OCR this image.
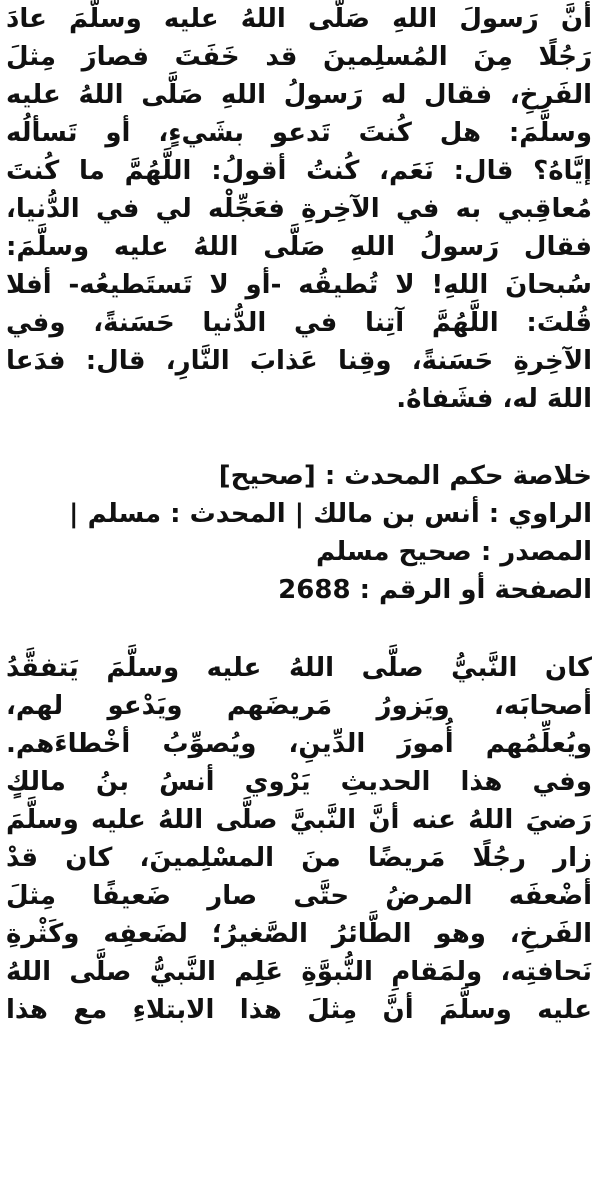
أنَّ رَسولَ اللهِ صَلَّى اللهُ عليه وسلَّمَ عادَ

رَجُلًا مِنَ المُسلِمينَ قد خَفَتَ فصارَ مِثلَ

الفَرخِ، فقال له رَسولُ اللهِ صَلَّى اللهُ عليه

وسلَّمَ: هل كُنتَ تَدعو بشَيءٍ، أو تَسألُه

إيَّاهُ؟ قال: نَعَم، كُنتُ أقولُ: اللَّهُمَّ ما كُنتَ

مُعاقِبي به في الآخِرةِ فعَجِّلْه لي في الدُّنيا،

فقال رَسولُ اللهِ صَلَّى اللهُ عليه وسلَّمَ:

سُبحانَ اللهِ! لا تُطيقُه -أو لا تَستَطيعُه- أفلا

قُلتَ: اللَّهُمَّ آتِنا في الدُّنيا حَسَنةً، وفي

الآخِرةِ حَسَنةً، وقِنا عَذابَ النَّارِ، قال: فدَعا

اللهَ له، فشَفاهُ.

خلاصة حكم المحدث : [صحيح]

الراوي : أنس بن مالك | المحدث : مسلم |

المصدر : صحيح مسلم

الصفحة أو الرقم : 2688

كان النَّبيُّ صلَّى اللهُ عليه وسلَّمَ يَتفقَّدُ

أصحابَه، ويَزورُ مَريضَهم ويَدْعو لهم،

ويُعلِّمُهم أُمورَ الدِّينِ، ويُصوِّبُ أخْطاءَهم.

وفي هذا الحديثِ يَرْوي أنسُ بنُ مالكٍ

رَضيَ اللهُ عنه أنَّ النَّبيَّ صلَّى اللهُ عليه وسلَّمَ

زار رجُلًا مَريضًا منَ المسْلِمينَ، كان قدْ

أضْعفَه المرضُ حتَّى صار ضَعيفًا مِثلَ

الفَرخِ، وهو الطَّائرُ الصَّغيرُ؛ لضَعفِه وكَثْرةِ

نَحافتِه، ولمَقامِ النُّبوَّةِ عَلِم النَّبيُّ صلَّى اللهُ

عليه وسلَّمَ أنَّ مِثلَ هذا الابتلاءِ مع هذا
